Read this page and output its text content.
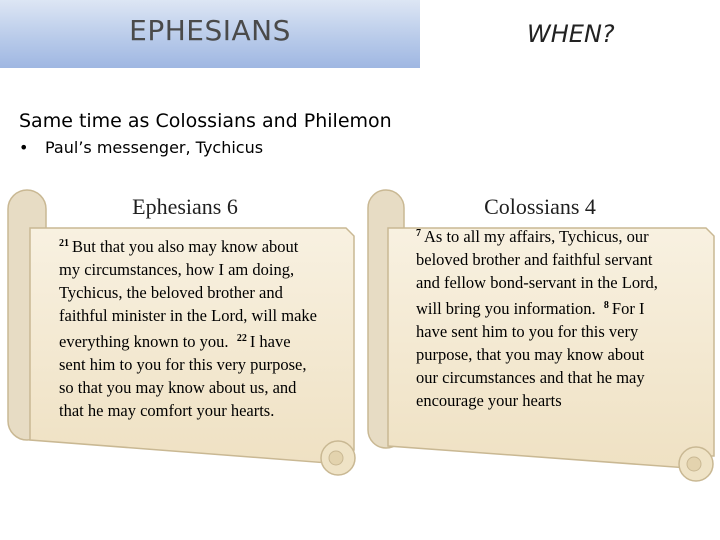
EPHESIANS	WHEN?
Same time as Colossians and Philemon
• Paul’s messenger, Tychicus
Ephesians 6
$^{21}$ But that you also may know about my circumstances, how I am doing, Tychicus, the beloved brother and faithful minister in the Lord, will make everything known to you. $^{22}$ I have sent him to you for this very purpose, so that you may know about us, and that he may comfort your hearts.
Colossians 4
$^7$ As to all my affairs, Tychicus, our beloved brother and faithful servant and fellow bond-servant in the Lord, will bring you information. $^8$ For I have sent him to you for this very purpose, that you may know about our circumstances and that he may encourage your hearts
